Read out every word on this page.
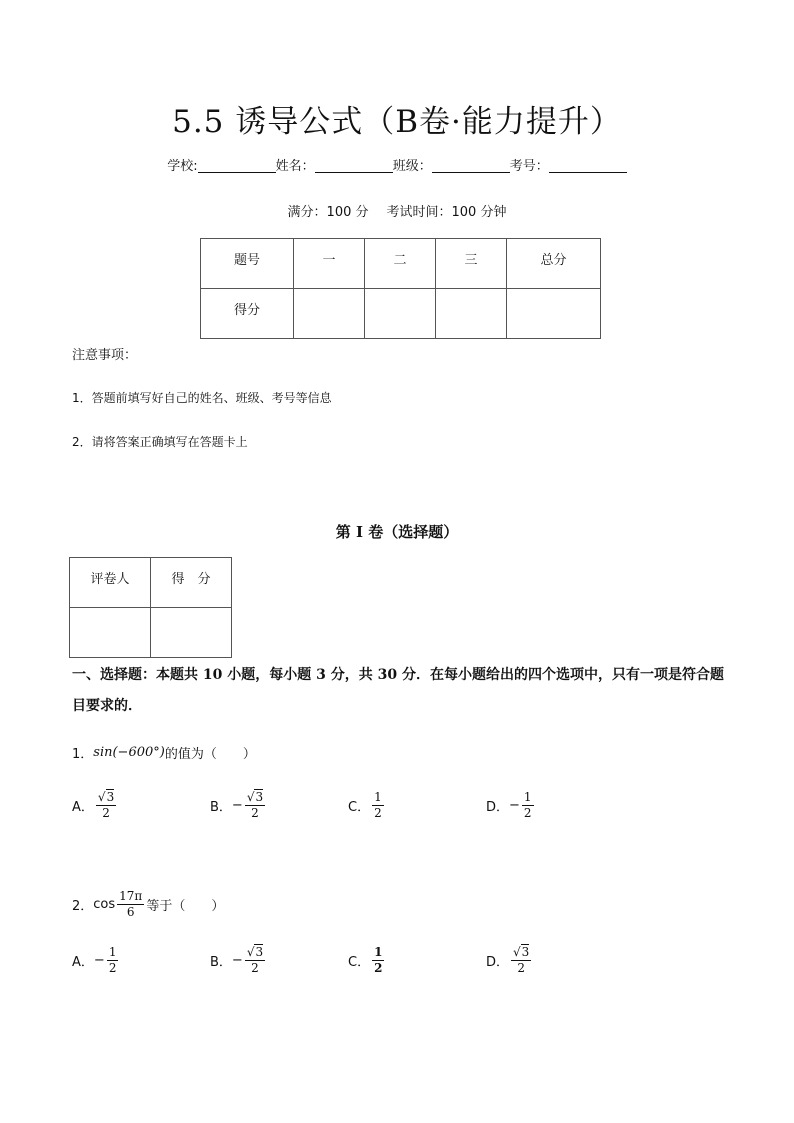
5.5 诱导公式（B卷·能力提升）
学校:	姓名：	班级：	考号：
满分：100 分 考试时间：100 分钟
题号	一	二	三	总分
得分				
注意事项：
1．答题前填写好自己的姓名、班级、考号等信息
2．请将答案正确填写在答题卡上
第 I 卷（选择题）
评卷人	得　分

一、选择题：本题共 10 小题，每小题 3 分，共 30 分．在每小题给出的四个选项中，只有一项是符合题目要求的．
1． sin(−600°) 的值为（　　）
A． $\frac{√3}{2}$	B． − $\frac{√3}{2}$	C． $\frac{1}{2}$	D． − $\frac{1}{2}$
2． $\cos \frac{17\pi}{6}$ 等于（　　）
A． − $\frac{1}{2}$	B． − $\frac{√3}{2}$	C． $\frac{1}{2}$	D． $\frac{√3}{2}$
